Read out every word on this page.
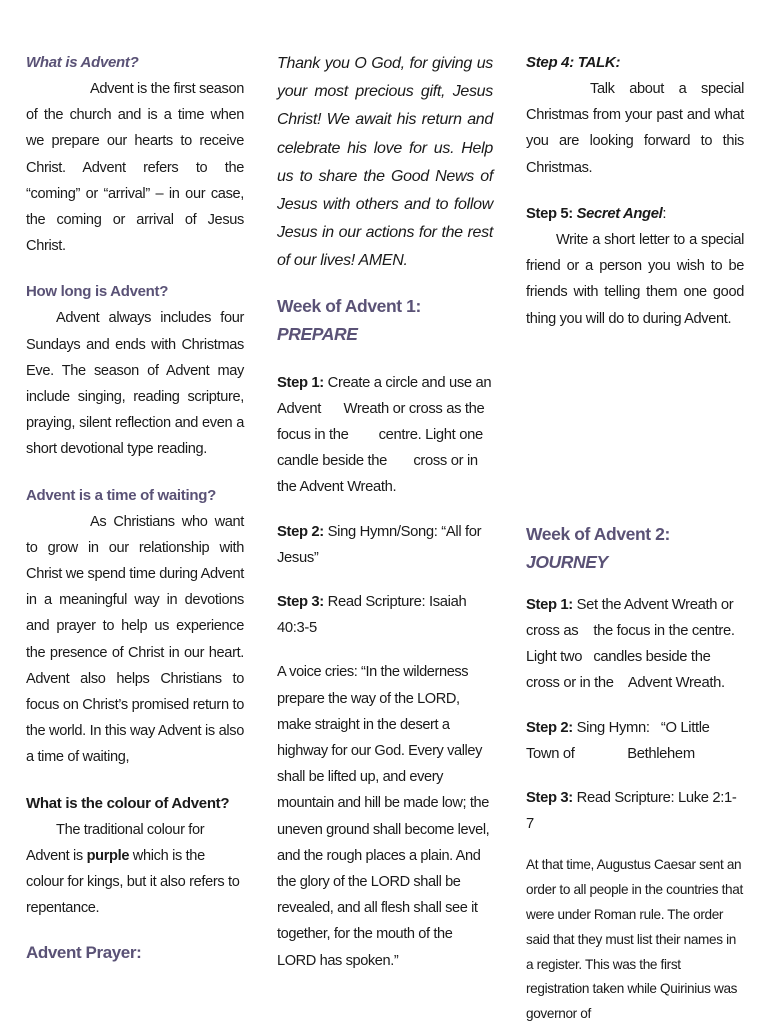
What is Advent?

Advent is the first season of the church and is a time when we prepare our hearts to receive Christ. Advent refers to the “coming” or “arrival” – in our case, the coming or arrival of Jesus Christ.

How long is Advent?

Advent always includes four Sundays and ends with Christmas Eve. The season of Advent may include singing, reading scripture, praying, silent reflection and even a short devotional type reading.

Advent is a time of waiting?

As Christians who want to grow in our relationship with Christ we spend time during Advent in a meaningful way in devotions and prayer to help us experience the presence of Christ in our heart. Advent also helps Christians to focus on Christ’s promised return to the world. In this way Advent is also a time of waiting,

What is the colour of Advent?

The traditional colour for Advent is purple which is the colour for kings, but it also refers to repentance.

Advent Prayer:

Thank you O God, for giving us your most precious gift, Jesus Christ! We await his return and celebrate his love for us. Help us to share the Good News of Jesus with others and to follow Jesus in our actions for the rest of our lives! AMEN.

Week of Advent 1: PREPARE

Step 1: Create a circle and use an Advent      Wreath or cross as the focus in the        centre. Light one candle beside the       cross or in the Advent Wreath.

Step 2: Sing Hymn/Song: “All for Jesus”

Step 3: Read Scripture: Isaiah 40:3-5

A voice cries: “In the wilderness prepare the way of the LORD, make straight in the desert a highway for our God. Every valley shall be lifted up, and every mountain and hill be made low; the uneven ground shall become level, and the rough places a plain. And the glory of the LORD shall be revealed, and all flesh shall see it together, for the mouth of the LORD has spoken.”

Step 4: TALK:

Talk about a special Christmas from your past and what you are looking forward to this Christmas.

Step 5: Secret Angel:

Write a short letter to a special friend or a person you wish to be friends with telling them one good thing you will do to during Advent.

Week of Advent 2: JOURNEY

Step 1: Set the Advent Wreath or cross as    the focus in the centre. Light two   candles beside the cross or in the    Advent Wreath.

Step 2: Sing Hymn:   “O Little Town of              Bethlehem

Step 3: Read Scripture: Luke 2:1-7

At that time, Augustus Caesar sent an order to all people in the countries that were under Roman rule. The order said that they must list their names in a register. This was the first registration taken while Quirinius was governor of
